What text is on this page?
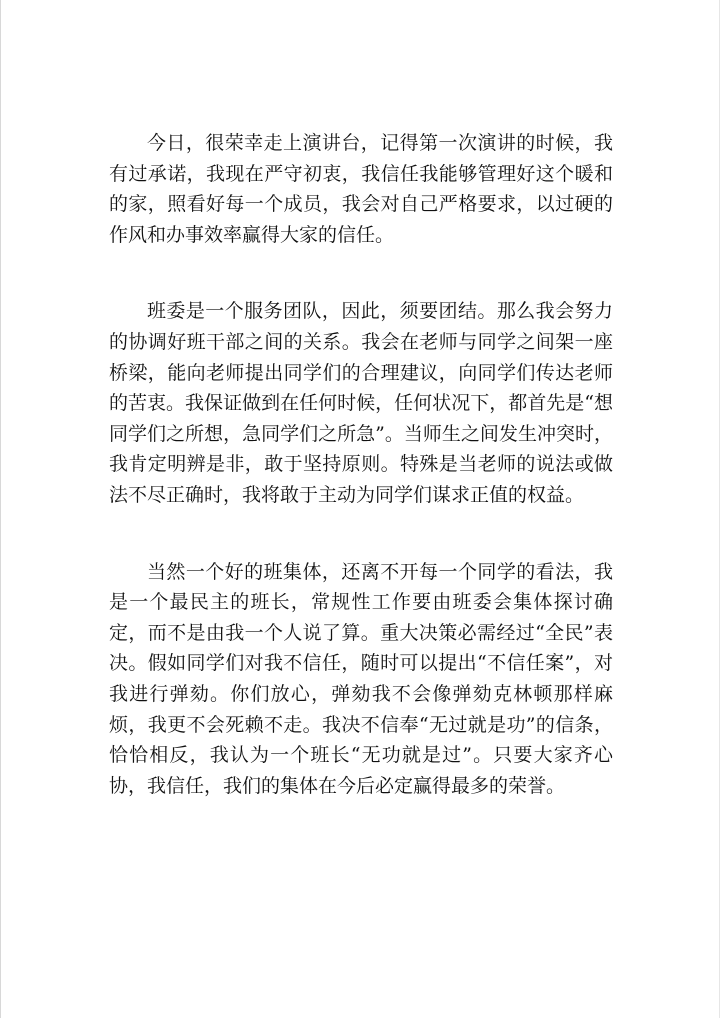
今日，很荣幸走上演讲台，记得第一次演讲的时候，我有过承诺，我现在严守初衷，我信任我能够管理好这个暖和的家，照看好每一个成员，我会对自己严格要求，以过硬的作风和办事效率赢得大家的信任。

班委是一个服务团队，因此，须要团结。那么我会努力的协调好班干部之间的关系。我会在老师与同学之间架一座桥梁，能向老师提出同学们的合理建议，向同学们传达老师的苦衷。我保证做到在任何时候，任何状况下，都首先是“想同学们之所想，急同学们之所急”。当师生之间发生冲突时，我肯定明辨是非，敢于坚持原则。特殊是当老师的说法或做法不尽正确时，我将敢于主动为同学们谋求正值的权益。

当然一个好的班集体，还离不开每一个同学的看法，我是一个最民主的班长，常规性工作要由班委会集体探讨确定，而不是由我一个人说了算。重大决策必需经过“全民”表决。假如同学们对我不信任，随时可以提出“不信任案”，对我进行弹劾。你们放心，弹劾我不会像弹劾克林顿那样麻烦，我更不会死赖不走。我决不信奉“无过就是功”的信条，恰恰相反，我认为一个班长“无功就是过”。只要大家齐心协，我信任，我们的集体在今后必定赢得最多的荣誉。
